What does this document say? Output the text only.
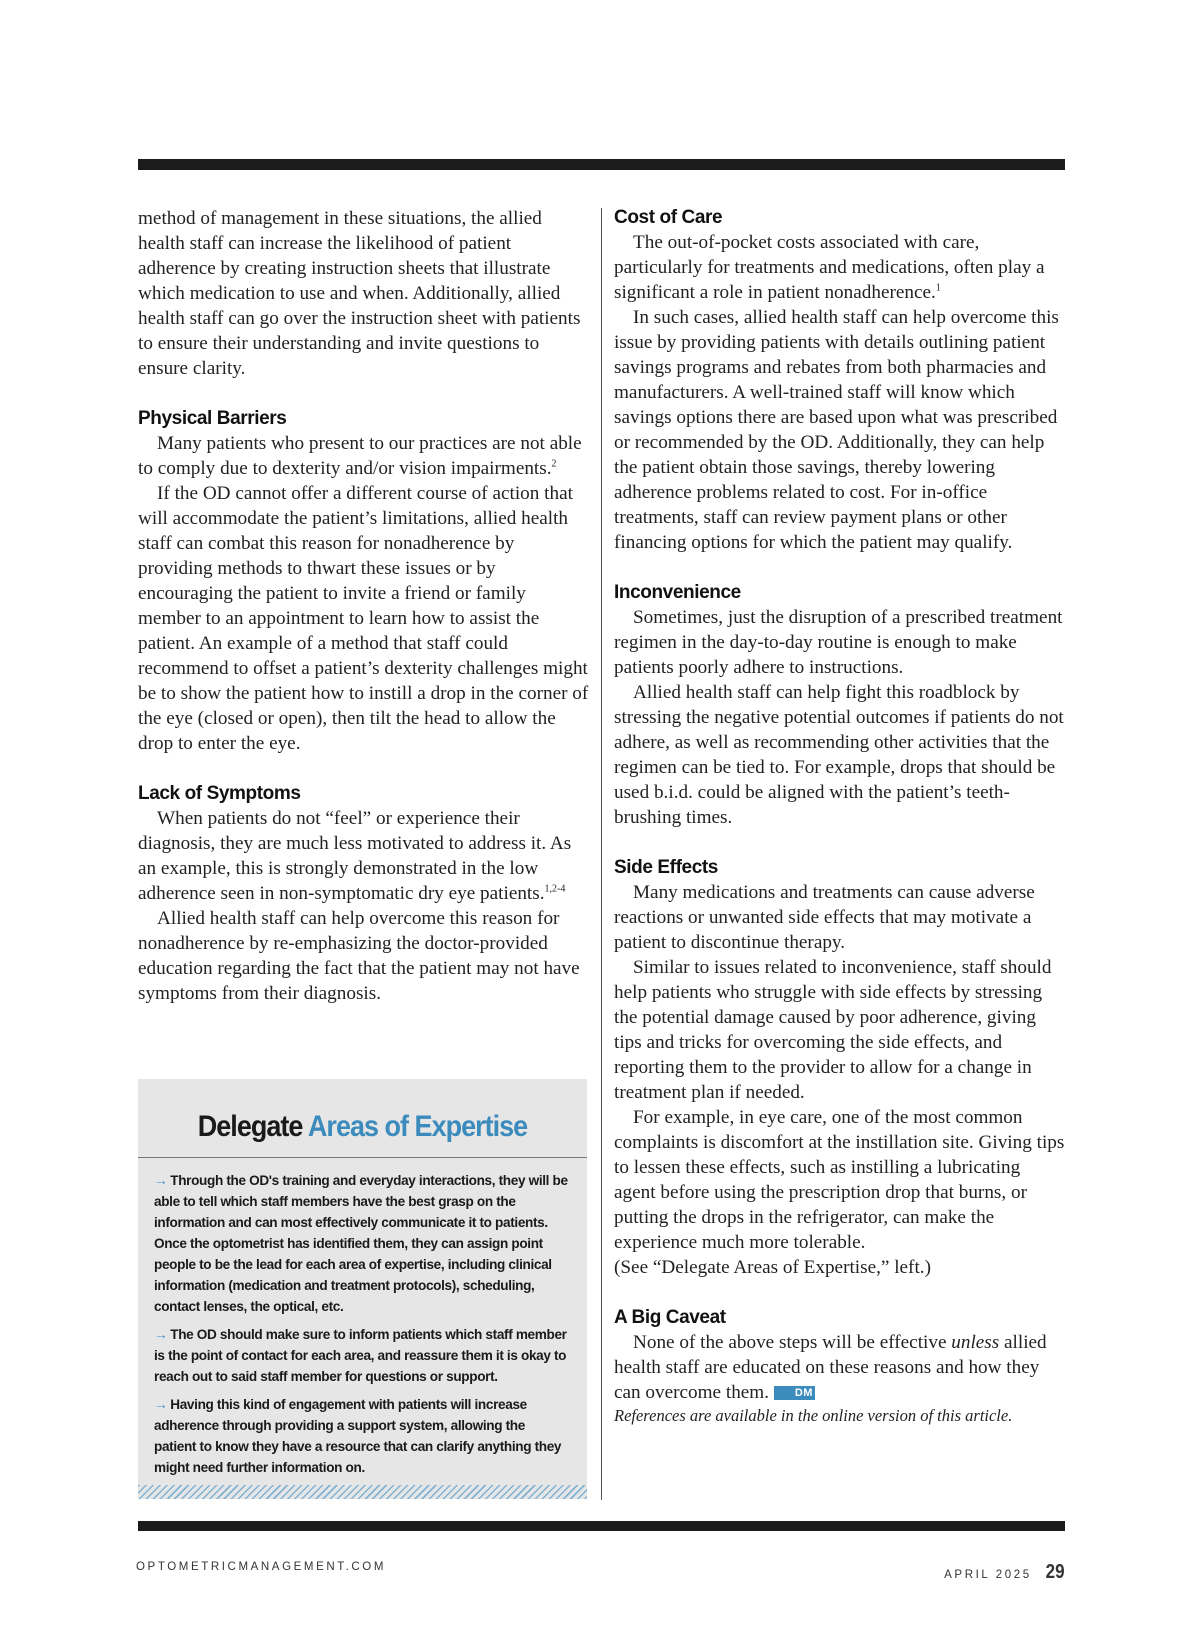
method of management in these situations, the allied health staff can increase the likelihood of patient adherence by creating instruction sheets that illustrate which medication to use and when. Additionally, allied health staff can go over the instruction sheet with patients to ensure their understanding and invite questions to ensure clarity.

Physical Barriers

Many patients who present to our practices are not able to comply due to dexterity and/or vision impairments.$^2$

If the OD cannot offer a different course of action that will accommodate the patient’s limitations, allied health staff can combat this reason for nonadherence by providing methods to thwart these issues or by encouraging the patient to invite a friend or family member to an appointment to learn how to assist the patient. An example of a method that staff could recommend to offset a patient’s dexterity challenges might be to show the patient how to instill a drop in the corner of the eye (closed or open), then tilt the head to allow the drop to enter the eye.

Lack of Symptoms

When patients do not “feel” or experience their diagnosis, they are much less motivated to address it. As an example, this is strongly demonstrated in the low adherence seen in non-symptomatic dry eye patients.$^{1,2-4}$

Allied health staff can help overcome this reason for nonadherence by re-emphasizing the doctor-provided education regarding the fact that the patient may not have symptoms from their diagnosis.

Delegate Areas of Expertise
→ Through the OD's training and everyday interactions, they will be able to tell which staff members have the best grasp on the information and can most effectively communicate it to patients. Once the optometrist has identified them, they can assign point people to be the lead for each area of expertise, including clinical information (medication and treatment protocols), scheduling, contact lenses, the optical, etc.
→ The OD should make sure to inform patients which staff member is the point of contact for each area, and reassure them it is okay to reach out to said staff member for questions or support.
→ Having this kind of engagement with patients will increase adherence through providing a support system, allowing the patient to know they have a resource that can clarify anything they might need further information on.
Cost of Care

The out-of-pocket costs associated with care, particularly for treatments and medications, often play a significant a role in patient nonadherence.$^1$

In such cases, allied health staff can help overcome this issue by providing patients with details outlining patient savings programs and rebates from both pharmacies and manufacturers. A well-trained staff will know which savings options there are based upon what was prescribed or recommended by the OD. Additionally, they can help the patient obtain those savings, thereby lowering adherence problems related to cost. For in-office treatments, staff can review payment plans or other financing options for which the patient may qualify.

Inconvenience

Sometimes, just the disruption of a prescribed treatment regimen in the day-to-day routine is enough to make patients poorly adhere to instructions.

Allied health staff can help fight this roadblock by stressing the negative potential outcomes if patients do not adhere, as well as recommending other activities that the regimen can be tied to. For example, drops that should be used b.i.d. could be aligned with the patient’s teeth-brushing times.

Side Effects

Many medications and treatments can cause adverse reactions or unwanted side effects that may motivate a patient to discontinue therapy.

Similar to issues related to inconvenience, staff should help patients who struggle with side effects by stressing the potential damage caused by poor adherence, giving tips and tricks for overcoming the side effects, and reporting them to the provider to allow for a change in treatment plan if needed.

For example, in eye care, one of the most common complaints is discomfort at the instillation site. Giving tips to lessen these effects, such as instilling a lubricating agent before using the prescription drop that burns, or putting the drops in the refrigerator, can make the experience much more tolerable.

(See “Delegate Areas of Expertise,” left.)

A Big Caveat

None of the above steps will be effective unless allied health staff are educated on these reasons and how they can overcome them. DM

References are available in the online version of this article.

OPTOMETRICMANAGEMENT.COM
APRIL 2025 29
